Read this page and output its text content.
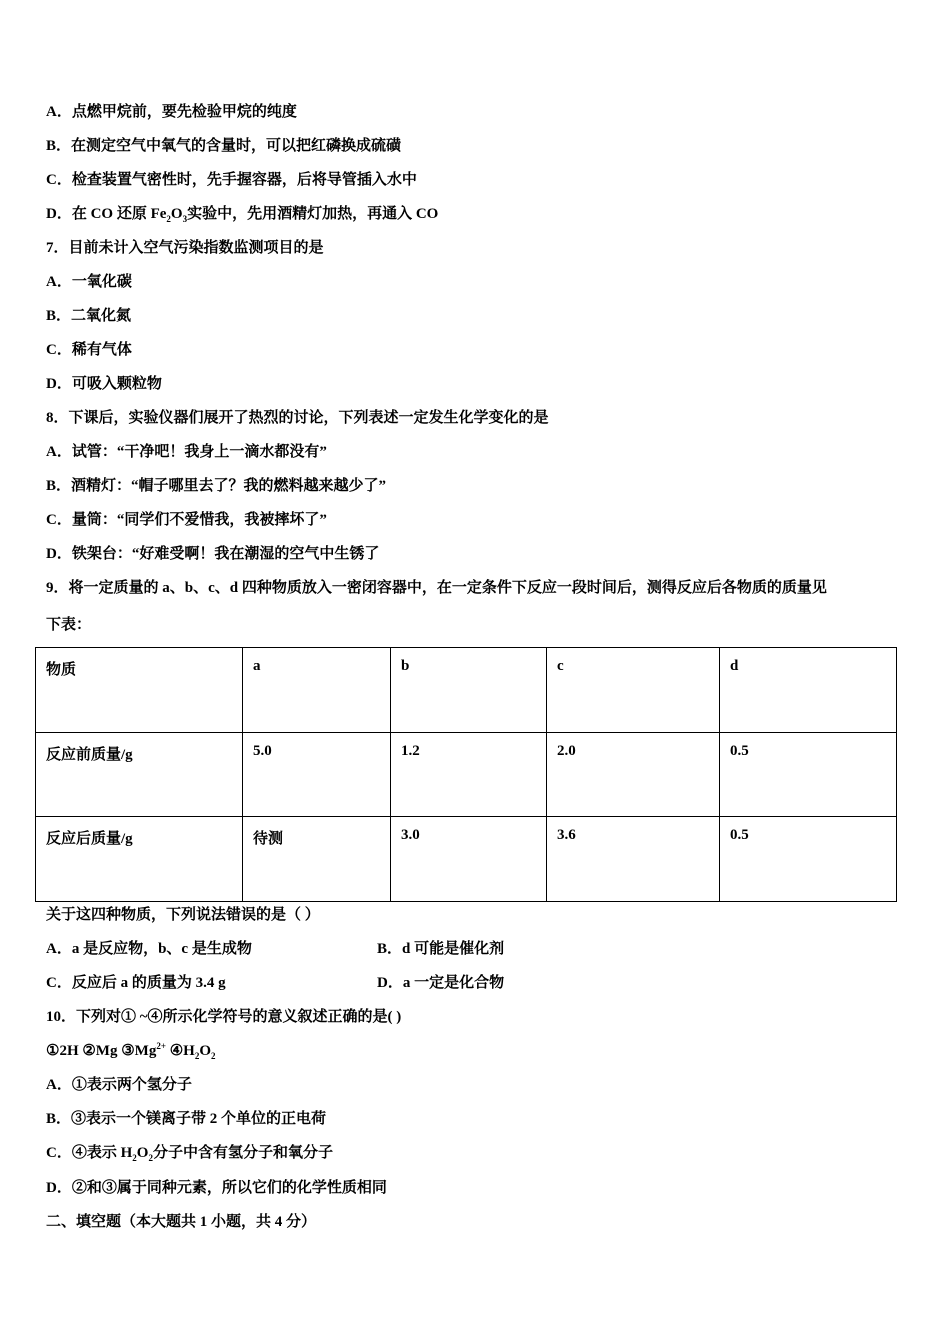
A．点燃甲烷前，要先检验甲烷的纯度
B．在测定空气中氧气的含量时，可以把红磷换成硫磺
C．检查装置气密性时，先手握容器，后将导管插入水中
D．在 CO 还原 $Fe_2O_3$实验中，先用酒精灯加热，再通入 CO
7．目前未计入空气污染指数监测项目的是
A．一氧化碳
B．二氧化氮
C．稀有气体
D．可吸入颗粒物
8．下课后，实验仪器们展开了热烈的讨论，下列表述一定发生化学变化的是
A．试管：“干净吧！我身上一滴水都没有”
B．酒精灯：“帽子哪里去了？我的燃料越来越少了”
C．量筒：“同学们不爱惜我，我被摔坏了”
D．铁架台：“好难受啊！我在潮湿的空气中生锈了
9．将一定质量的 a、b、c、d 四种物质放入一密闭容器中，在一定条件下反应一段时间后，测得反应后各物质的质量见
下表：
物质	a	b	c	d
反应前质量/g	5.0	1.2	2.0	0.5
反应后质量/g	待测	3.0	3.6	0.5
关于这四种物质，下列说法错误的是（ ）
A．a 是反应物，b、c 是生成物	B．d 可能是催化剂
C．反应后 a 的质量为 3.4 g	D．a 一定是化合物
10．下列对① ~④所示化学符号的意义叙述正确的是( )
①2H ②Mg $③Mg^{2+}$ $④H_2O_2$
A．①表示两个氢分子
B．③表示一个镁离子带 2 个单位的正电荷
C．④表示 $H_2O_2$分子中含有氢分子和氧分子
D．②和③属于同种元素，所以它们的化学性质相同
二、填空题（本大题共 1 小题，共 4 分）
